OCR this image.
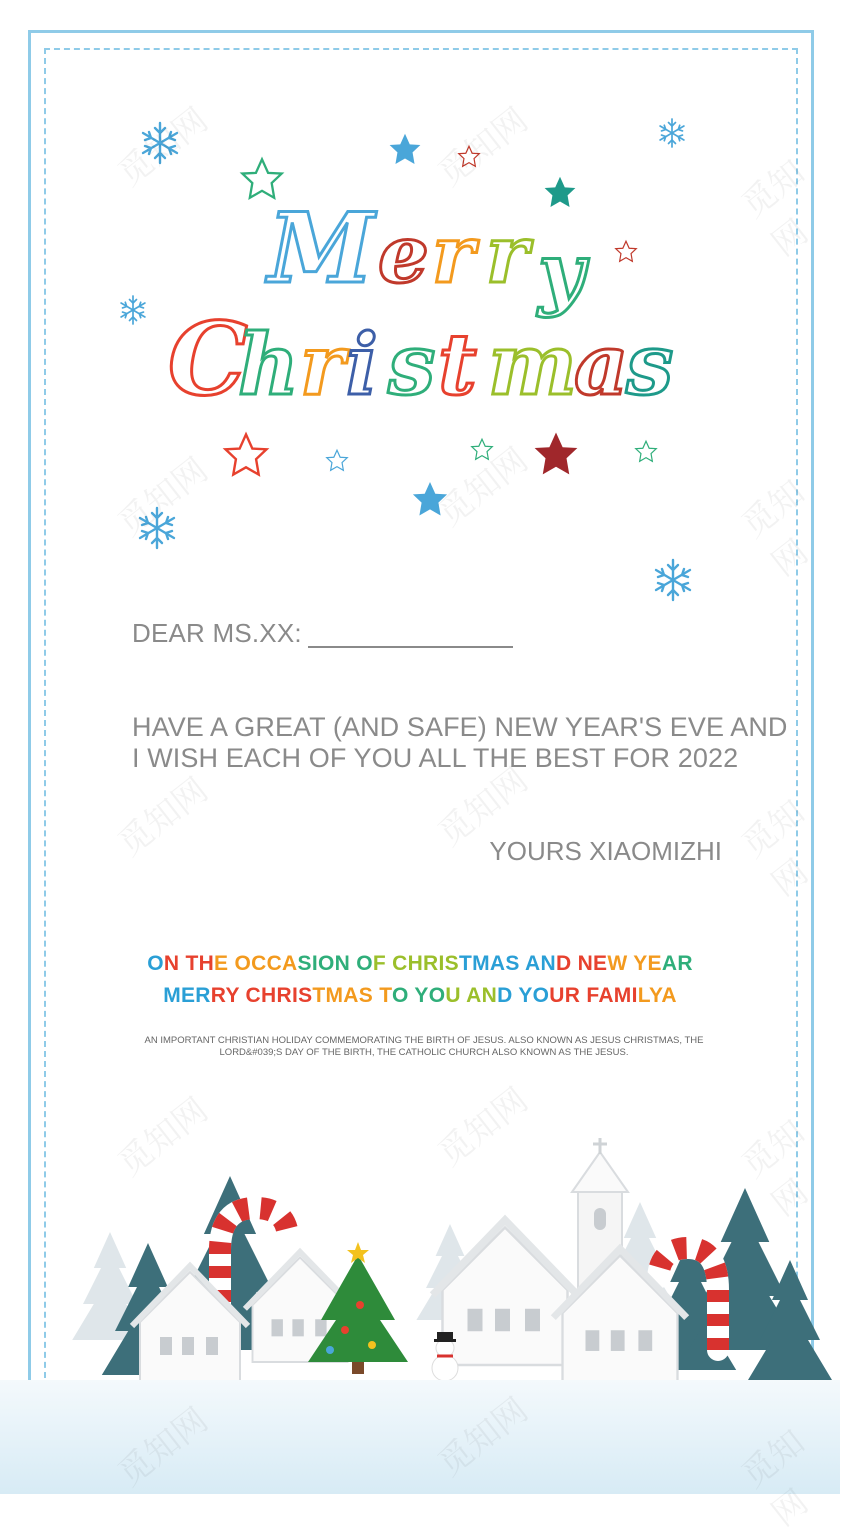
M e r r y
C
h r i s t m
a
s
DEAR MS.XX:
HAVE A GREAT (AND SAFE) NEW YEAR'S EVE AND
I WISH EACH OF YOU ALL THE BEST FOR 2022
YOURS XIAOMIZHI
ON THE OCCASION OF CHRISTMAS AND NEW YEAR
MERRY CHRISTMAS TO YOU AND YOUR FAMILYA
AN IMPORTANT CHRISTIAN HOLIDAY COMMEMORATING THE BIRTH OF JESUS. ALSO KNOWN AS JESUS CHRISTMAS, THE LORD&#039;S DAY OF THE BIRTH, THE CATHOLIC CHURCH ALSO KNOWN AS THE JESUS.
觅知网	觅知网	觅知网
觅知网	觅知网	觅知网
觅知网	觅知网	觅知网
觅知网	觅知网	觅知网
觅知网
